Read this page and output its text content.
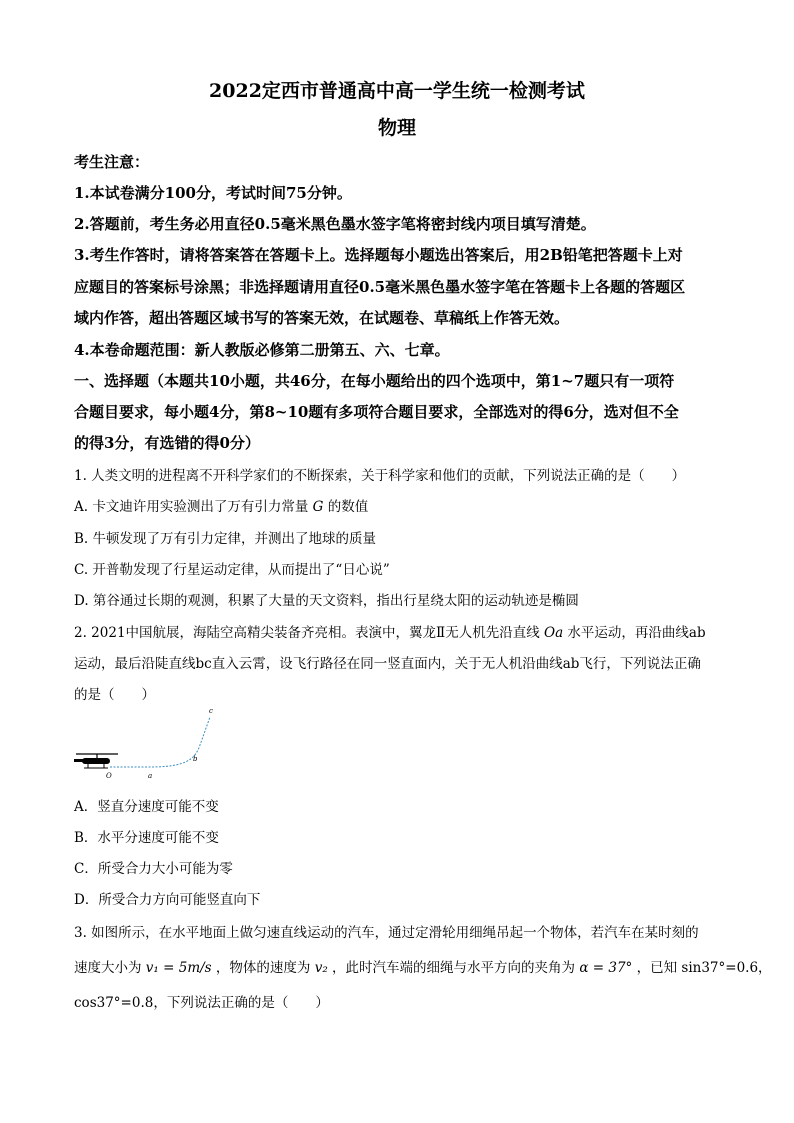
2022定西市普通高中高一学生统一检测考试
物理
考生注意：
1.本试卷满分100分，考试时间75分钟。
2.答题前，考生务必用直径0.5毫米黑色墨水签字笔将密封线内项目填写清楚。
3.考生作答时，请将答案答在答题卡上。选择题每小题选出答案后，用2B铅笔把答题卡上对
应题目的答案标号涂黑；非选择题请用直径0.5毫米黑色墨水签字笔在答题卡上各题的答题区
域内作答，超出答题区域书写的答案无效，在试题卷、草稿纸上作答无效。
4.本卷命题范围：新人教版必修第二册第五、六、七章。
一、选择题（本题共10小题，共46分，在每小题给出的四个选项中，第1~7题只有一项符
合题目要求，每小题4分，第8~10题有多项符合题目要求，全部选对的得6分，选对但不全
的得3分，有选错的得0分）
1. 人类文明的进程离不开科学家们的不断探索，关于科学家和他们的贡献，下列说法正确的是（　　）
A. 卡文迪许用实验测出了万有引力常量 G 的数值
B. 牛顿发现了万有引力定律，并测出了地球的质量
C. 开普勒发现了行星运动定律，从而提出了“日心说”
D. 第谷通过长期的观测，积累了大量的天文资料，指出行星绕太阳的运动轨迹是椭圆
2. 2021中国航展，海陆空高精尖装备齐亮相。表演中，翼龙Ⅱ无人机先沿直线 Oa 水平运动，再沿曲线ab
运动，最后沿陡直线bc直入云霄，设飞行路径在同一竖直面内，关于无人机沿曲线ab飞行，下列说法正确
的是（　　）
O	a
b
c
A．竖直分速度可能不变
B．水平分速度可能不变
C．所受合力大小可能为零
D．所受合力方向可能竖直向下
3. 如图所示，在水平地面上做匀速直线运动的汽车，通过定滑轮用细绳吊起一个物体，若汽车在某时刻的
速度大小为 v₁ = 5m/s ，物体的速度为 v₂ ，此时汽车端的细绳与水平方向的夹角为 α = 37° ，已知 sin37°=0.6，
cos37°=0.8，下列说法正确的是（　　）
